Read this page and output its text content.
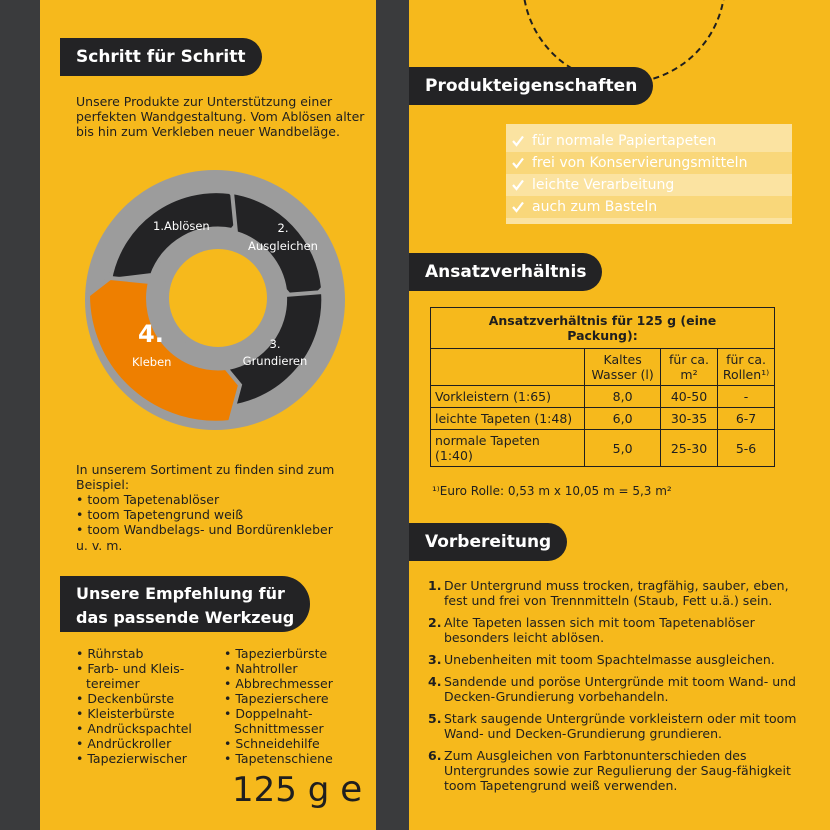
Schritt für Schritt
Unsere Produkte zur Unterstützung einer perfekten Wandgestaltung. Vom Ablösen alter bis hin zum Verkleben neuer Wandbeläge.
1.Ablösen	2.
Ausgleichen
3.
Grundieren
4.
Kleben
In unserem Sortiment zu finden sind zum Beispiel:
• toom Tapetenablöser
• toom Tapetengrund weiß
• toom Wandbelags- und Bordürenkleber
u. v. m.
Unsere Empfehlung für
das passende Werkzeug
• Rührstab
• Farb- und Kleis-tereimer
• Deckenbürste
• Kleisterbürste
• Andrückspachtel
• Andrückroller
• Tapezierwischer
• Tapezierbürste
• Nahtroller
• Abbrechmesser
• Tapezierschere
• Doppelnaht-Schnittmesser
• Schneidehilfe
• Tapetenschiene
125 g e
Produkteigenschaften
für normale Papiertapeten
frei von Konservierungsmitteln
leichte Verarbeitung
auch zum Basteln
Ansatzverhältnis
Ansatzverhältnis für 125 g (eine Packung):			
	Kaltes Wasser (l)	für ca. m²	für ca. Rollen¹⁾
Vorkleistern (1:65)	8,0	40-50	-
leichte Tapeten (1:48)	6,0	30-35	6-7
normale Tapeten (1:40)	5,0	25-30	5-6
¹⁾Euro Rolle: 0,53 m x 10,05 m = 5,3 m²
Vorbereitung
1. Der Untergrund muss trocken, tragfähig, sauber, eben, fest und frei von Trennmitteln (Staub, Fett u.ä.) sein.
2. Alte Tapeten lassen sich mit toom Tapetenablöser besonders leicht ablösen.
3. Unebenheiten mit toom Spachtelmasse ausgleichen.
4. Sandende und poröse Untergründe mit toom Wand- und Decken-Grundierung vorbehandeln.
5. Stark saugende Untergründe vorkleistern oder mit toom Wand- und Decken-Grundierung grundieren.
6. Zum Ausgleichen von Farbtonunterschieden des Untergrundes sowie zur Regulierung der Saug-fähigkeit toom Tapetengrund weiß verwenden.
